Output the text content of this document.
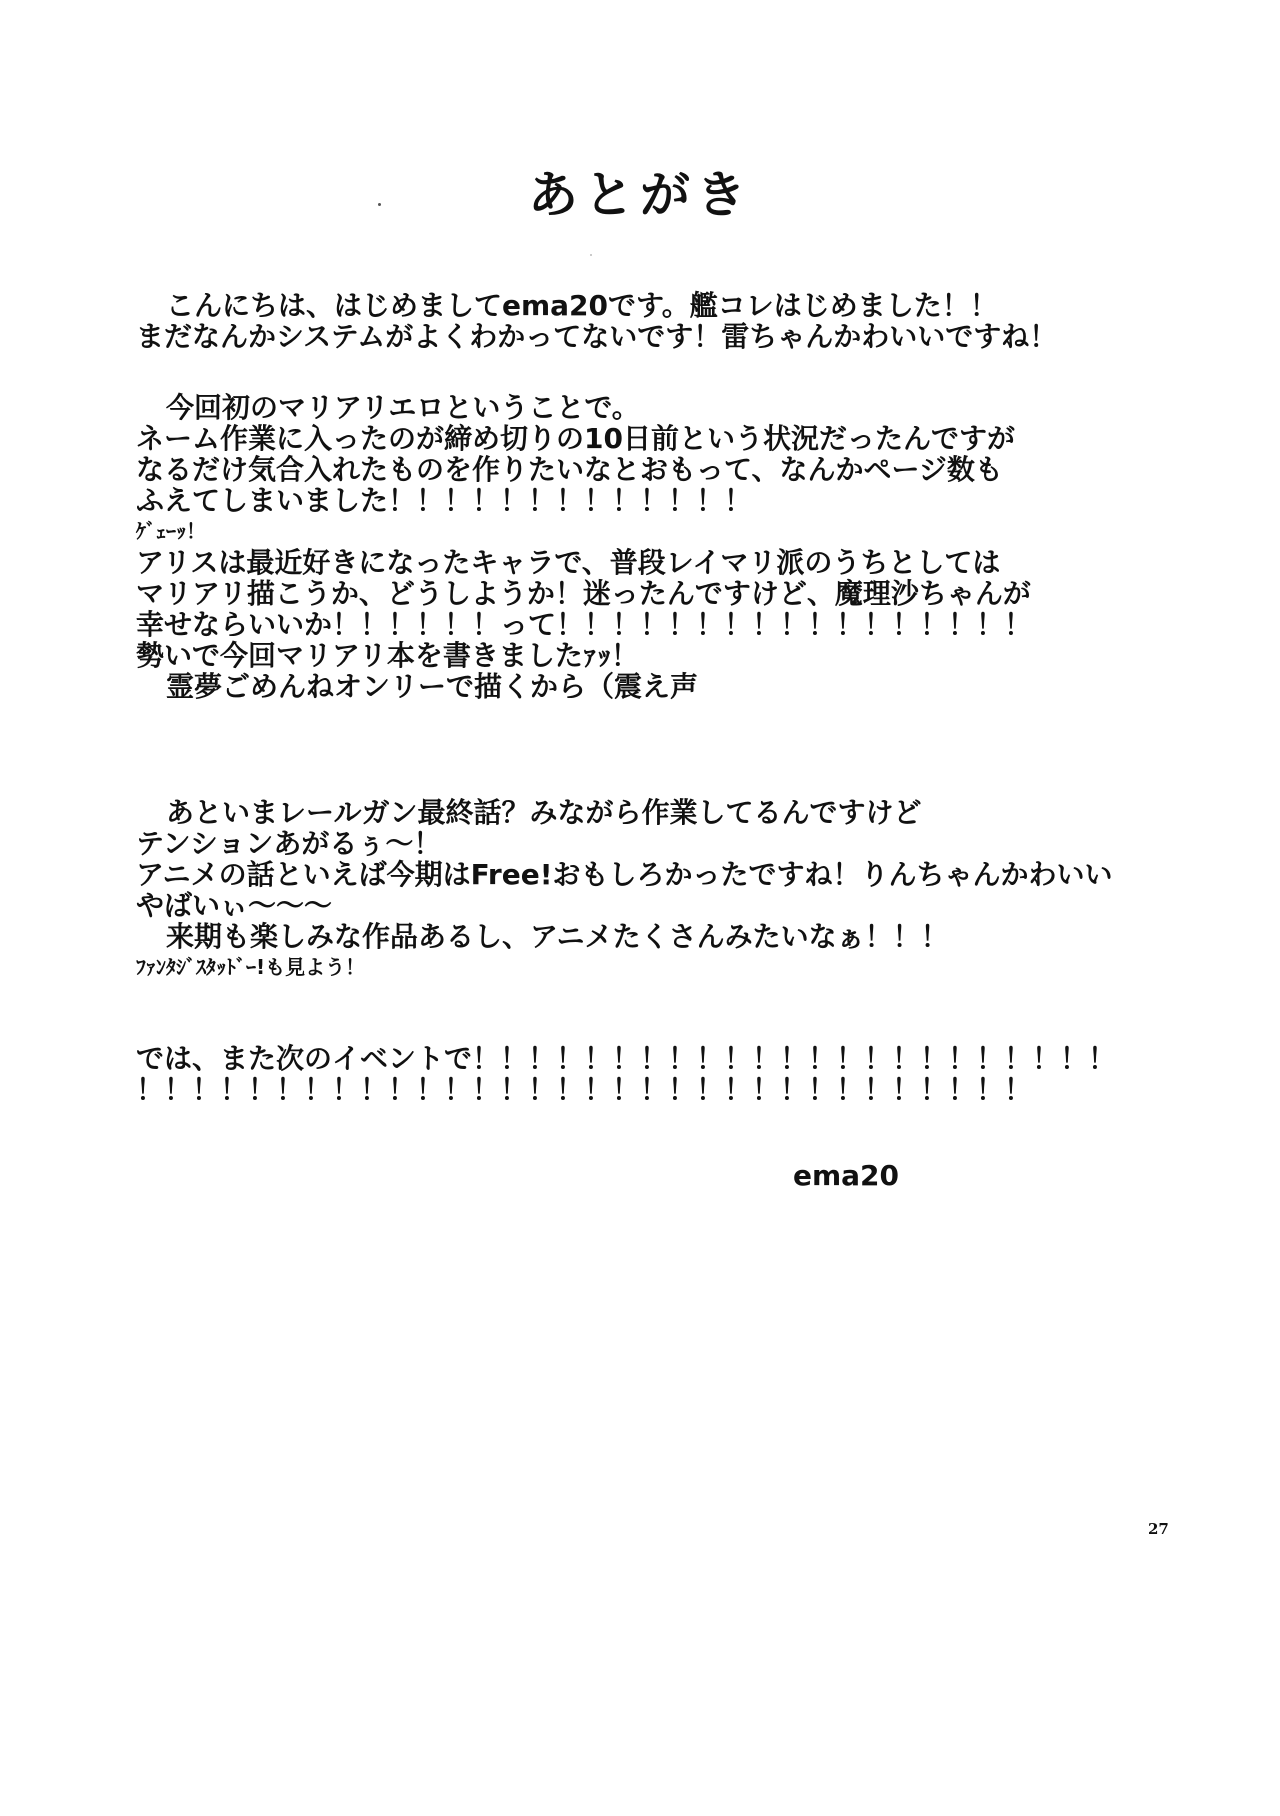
あとがき
こんにちは、はじめましてema20です。艦コレはじめました！！
まだなんかシステムがよくわかってないです！雷ちゃんかわいいですね！
今回初のマリアリエロということで。
ネーム作業に入ったのが締め切りの10日前という状況だったんですが
なるだけ気合入れたものを作りたいなとおもって、なんかページ数も
ふえてしまいました！！！！！！！！！！！！！
ｹﾞｪｰｯ！
アリスは最近好きになったキャラで、普段レイマリ派のうちとしては
マリアリ描こうか、どうしようか！迷ったんですけど、魔理沙ちゃんが
幸せならいいか！！！！！！って！！！！！！！！！！！！！！！！！
勢いで今回マリアリ本を書きましたｧｯ！
霊夢ごめんねオンリーで描くから（震え声
あといまレールガン最終話？みながら作業してるんですけど
テンションあがるぅ～！
アニメの話といえば今期はFree!おもしろかったですね！りんちゃんかわいい
やばいぃ～～～
来期も楽しみな作品あるし、アニメたくさんみたいなぁ！！！
ﾌｧﾝﾀｼﾞｽﾀｯﾄﾞｰ!も見よう！
では、また次のイベントで！！！！！！！！！！！！！！！！！！！！！！！
！！！！！！！！！！！！！！！！！！！！！！！！！！！！！！！！
ema20
27
